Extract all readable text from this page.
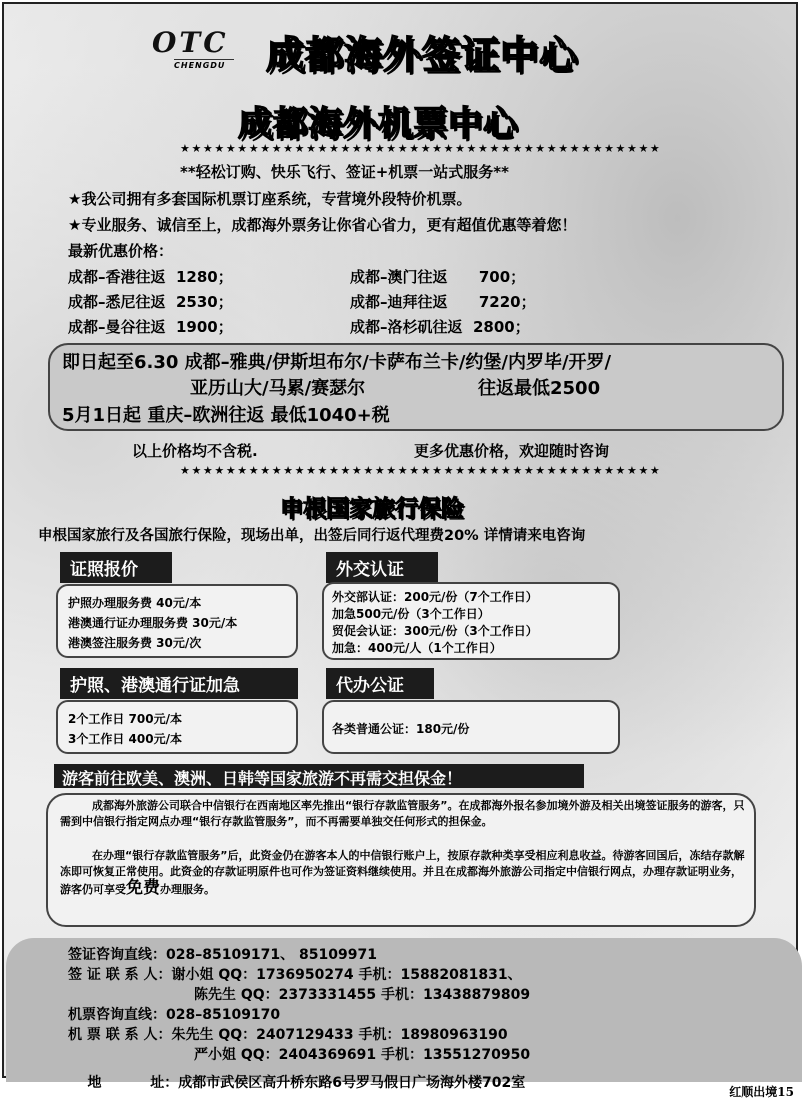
OTC
CHENGDU 成都海外签证中心
成都海外机票中心
★★★★★★★★★★★★★★★★★★★★★★★★★★★★★★★★★★★★★★★★★★
**轻松订购、快乐飞行、签证+机票一站式服务**
★我公司拥有多套国际机票订座系统，专营境外段特价机票。
★专业服务、诚信至上，成都海外票务让你省心省力，更有超值优惠等着您！
最新优惠价格：
成都–香港往返 1280；	成都–澳门往返 700；
成都–悉尼往返 2530；	成都–迪拜往返 7220；
成都–曼谷往返 1900；	成都–洛杉矶往返 2800；
即日起至6.30 成都–雅典/伊斯坦布尔/卡萨布兰卡/约堡/内罗毕/开罗/
亚历山大/马累/赛瑟尔	往返最低2500
5月1日起 重庆–欧洲往返 最低1040+税
以上价格均不含税.	更多优惠价格，欢迎随时咨询
★★★★★★★★★★★★★★★★★★★★★★★★★★★★★★★★★★★★★★★★★★
申根国家旅行保险
申根国家旅行及各国旅行保险，现场出单，出签后同行返代理费20% 详情请来电咨询
证照报价
护照办理服务费 40元/本
港澳通行证办理服务费 30元/本
港澳签注服务费 30元/次
外交认证
外交部认证：200元/份（7个工作日）
加急500元/份（3个工作日）
贸促会认证：300元/份（3个工作日）
加急：400元/人（1个工作日）
护照、港澳通行证加急
2个工作日 700元/本
3个工作日 400元/本
代办公证
各类普通公证：180元/份
游客前往欧美、澳洲、日韩等国家旅游不再需交担保金！
成都海外旅游公司联合中信银行在西南地区率先推出“银行存款监管服务”。在成都海外报名参加境外游及相关出境签证服务的游客，只需到中信银行指定网点办理“银行存款监管服务”，而不再需要单独交任何形式的担保金。
在办理“银行存款监管服务”后，此资金仍在游客本人的中信银行账户上，按原存款种类享受相应利息收益。待游客回国后，冻结存款解冻即可恢复正常使用。此资金的存款证明原件也可作为签证资料继续使用。并且在成都海外旅游公司指定中信银行网点，办理存款证明业务，游客仍可享受免费办理服务。
签证咨询直线：028–85109171、 85109971
签 证 联 系 人：谢小姐 QQ：1736950274 手机：15882081831、
陈先生 QQ：2373331455 手机：13438879809
机票咨询直线：028–85109170
机 票 联 系 人：朱先生 QQ：2407129433 手机：18980963190
严小姐 QQ：2404369691 手机：13551270950

地          址：成都市武侯区高升桥东路6号罗马假日广场海外楼702室

红顺出境15
